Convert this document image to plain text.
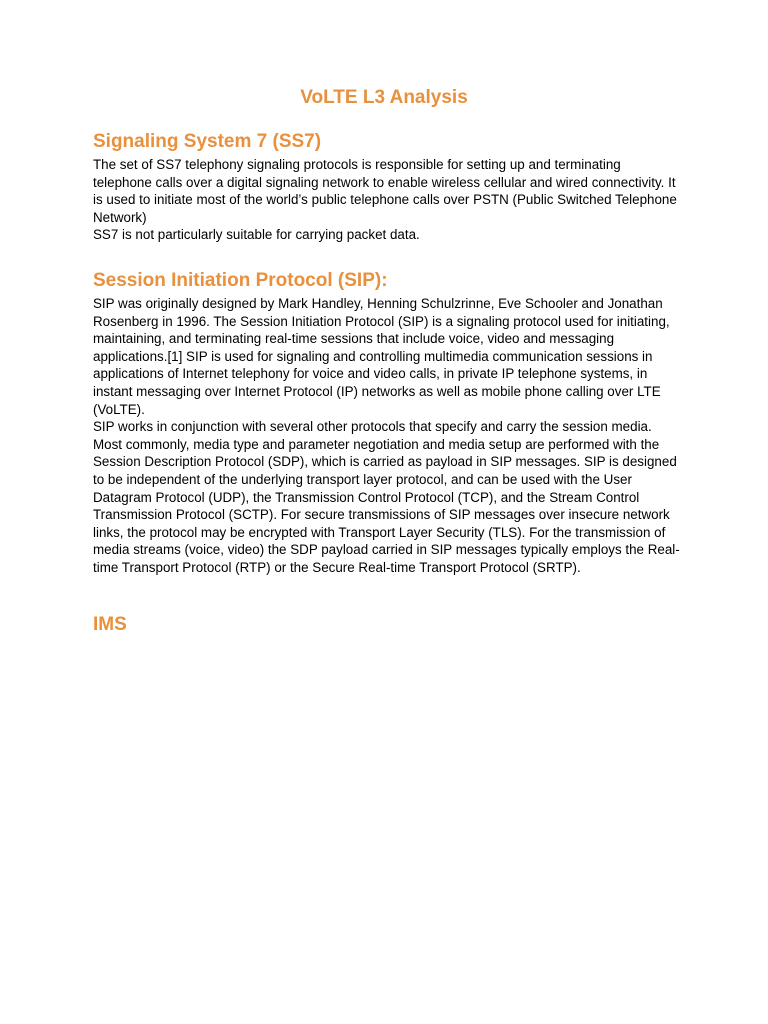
VoLTE L3 Analysis
Signaling System 7 (SS7)

The set of SS7 telephony signaling protocols is responsible for setting up and terminating telephone calls over a digital signaling network to enable wireless cellular and wired connectivity. It is used to initiate most of the world’s public telephone calls over PSTN (Public Switched Telephone Network)

SS7 is not particularly suitable for carrying packet data.

Session Initiation Protocol (SIP):

SIP was originally designed by Mark Handley, Henning Schulzrinne, Eve Schooler and Jonathan Rosenberg in 1996. The Session Initiation Protocol (SIP) is a signaling protocol used for initiating, maintaining, and terminating real-time sessions that include voice, video and messaging applications.[1] SIP is used for signaling and controlling multimedia communication sessions in applications of Internet telephony for voice and video calls, in private IP telephone systems, in instant messaging over Internet Protocol (IP) networks as well as mobile phone calling over LTE (VoLTE).

SIP works in conjunction with several other protocols that specify and carry the session media. Most commonly, media type and parameter negotiation and media setup are performed with the Session Description Protocol (SDP), which is carried as payload in SIP messages. SIP is designed to be independent of the underlying transport layer protocol, and can be used with the User Datagram Protocol (UDP), the Transmission Control Protocol (TCP), and the Stream Control Transmission Protocol (SCTP). For secure transmissions of SIP messages over insecure network links, the protocol may be encrypted with Transport Layer Security (TLS). For the transmission of media streams (voice, video) the SDP payload carried in SIP messages typically employs the Real-time Transport Protocol (RTP) or the Secure Real-time Transport Protocol (SRTP).

IMS
